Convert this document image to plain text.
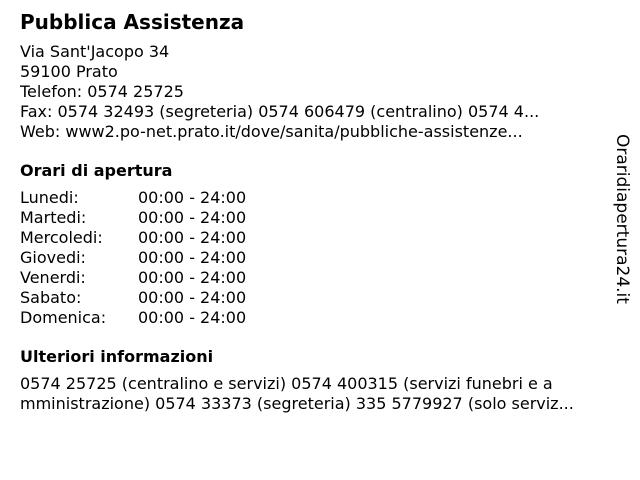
Pubblica Assistenza
Via Sant'Jacopo 34
59100 Prato
Telefon: 0574 25725
Fax: 0574 32493 (segreteria) 0574 606479 (centralino) 0574 4...
Web: www2.po-net.prato.it/dove/sanita/pubbliche-assistenze...
Orari di apertura
Lunedi:	00:00 - 24:00
Martedi:	00:00 - 24:00
Mercoledi:	00:00 - 24:00
Giovedi:	00:00 - 24:00
Venerdi:	00:00 - 24:00
Sabato:	00:00 - 24:00
Domenica:	00:00 - 24:00
Ulteriori informazioni
0574 25725 (centralino e servizi) 0574 400315 (servizi funebri e a
mministrazione) 0574 33373 (segreteria) 335 5779927 (solo serviz...
Oraridiapertura24.it
